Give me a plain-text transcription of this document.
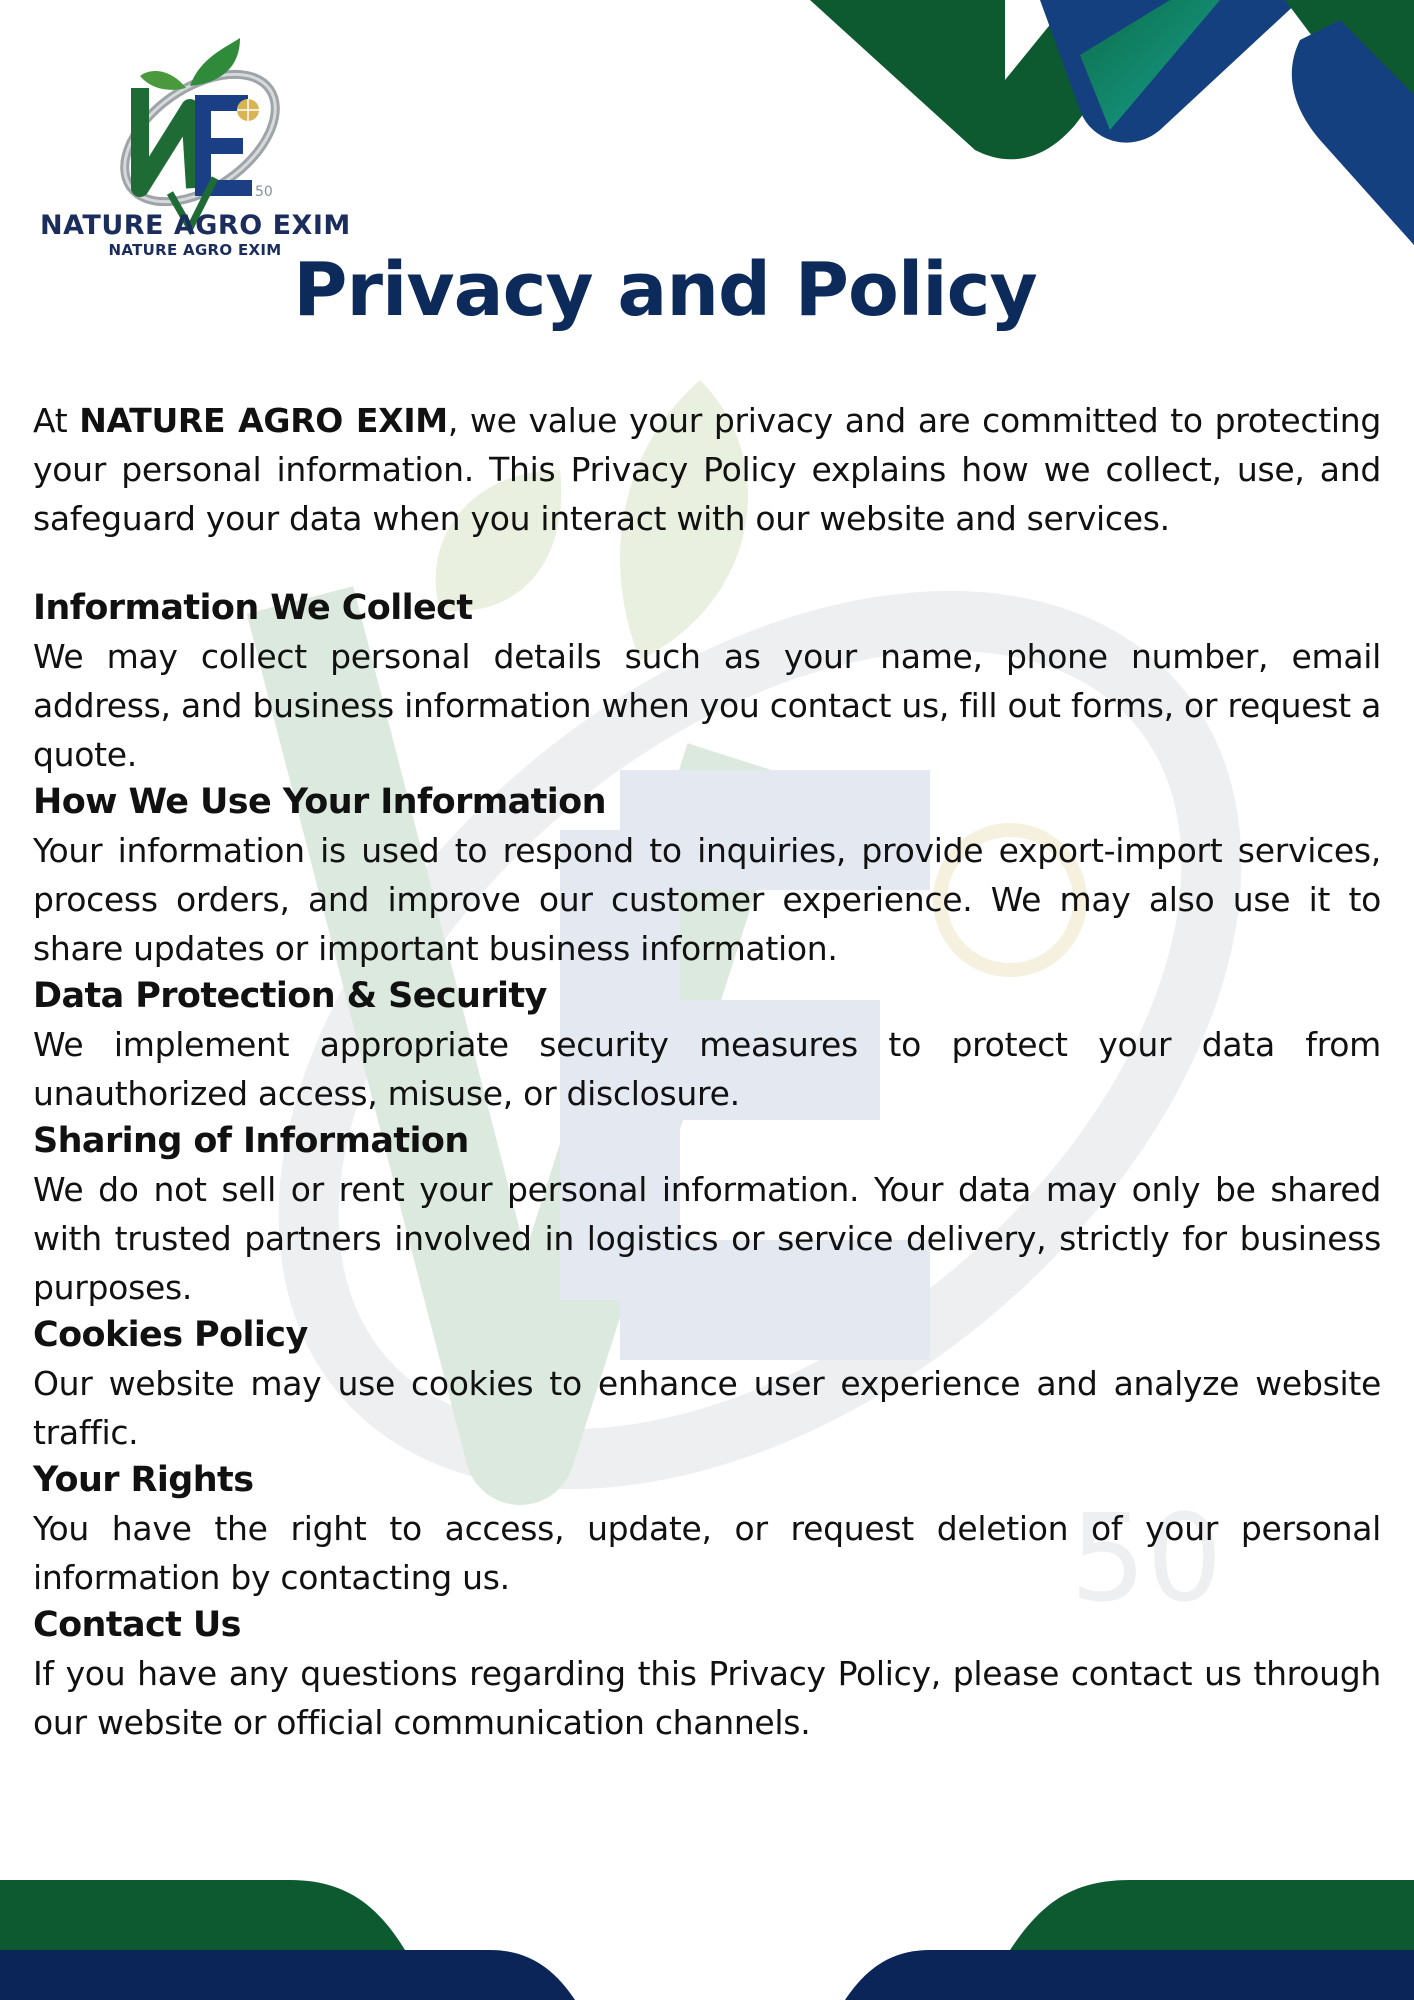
50
50
NATURE AGRO EXIM
NATURE AGRO EXIM Privacy and Policy

At NATURE AGRO EXIM, we value your privacy and are committed to protecting your personal information. This Privacy Policy explains how we collect, use, and safeguard your data when you interact with our website and services.

Information We Collect

We may collect personal details such as your name, phone number, email address, and business information when you contact us, fill out forms, or request a quote.

How We Use Your Information

Your information is used to respond to inquiries, provide export-import services, process orders, and improve our customer experience. We may also use it to share updates or important business information.

Data Protection & Security

We implement appropriate security measures to protect your data from unauthorized access, misuse, or disclosure.

Sharing of Information

We do not sell or rent your personal information. Your data may only be shared with trusted partners involved in logistics or service delivery, strictly for business purposes.

Cookies Policy

Our website may use cookies to enhance user experience and analyze website traffic.

Your Rights

You have the right to access, update, or request deletion of your personal information by contacting us.

Contact Us

If you have any questions regarding this Privacy Policy, please contact us through our website or official communication channels.
